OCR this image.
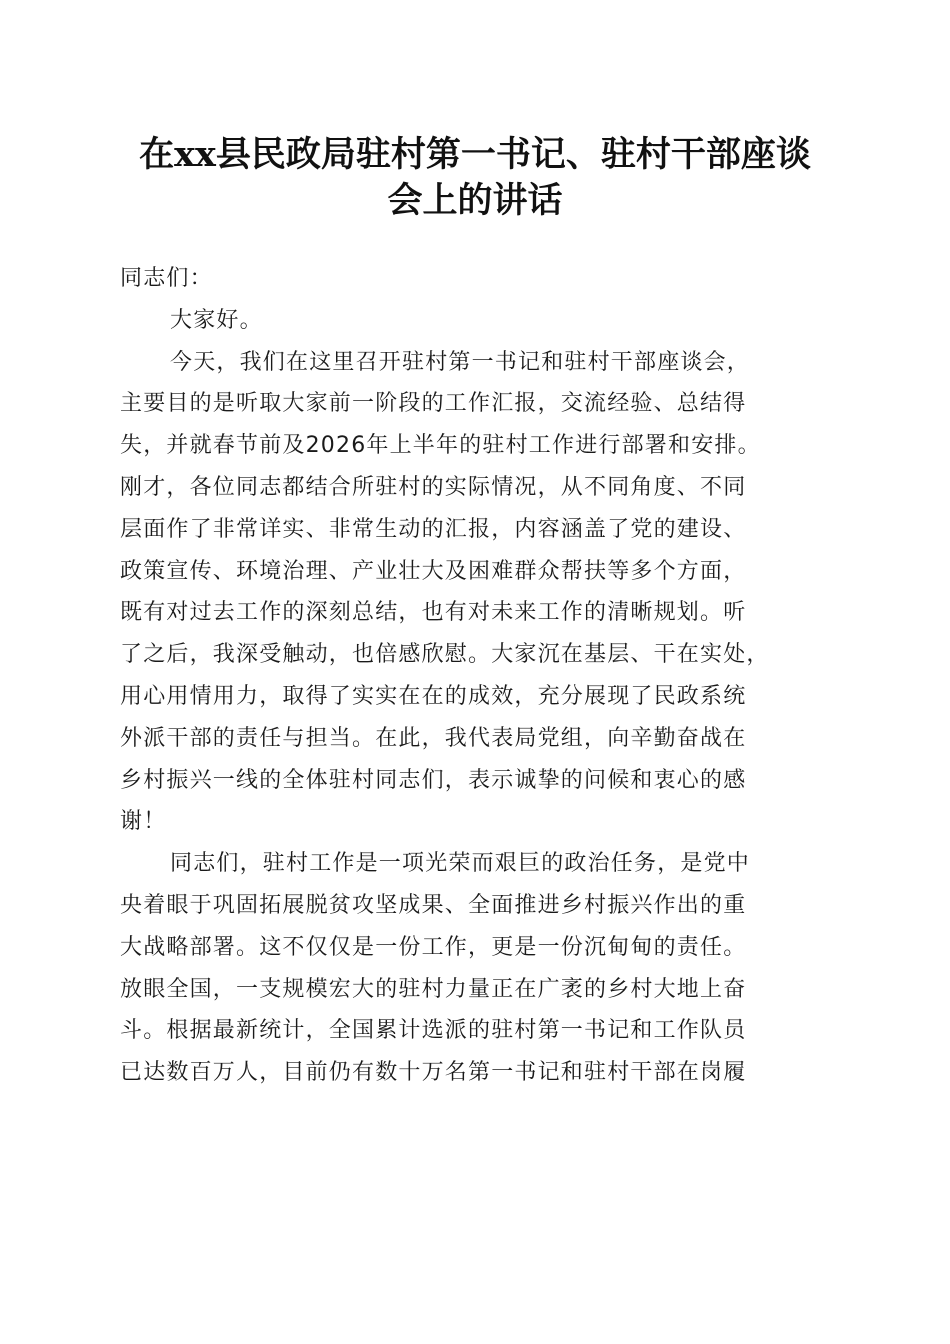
在xx县民政局驻村第一书记、驻村干部座谈
会上的讲话
同志们：
大家好。
今天，我们在这里召开驻村第一书记和驻村干部座谈会，
主要目的是听取大家前一阶段的工作汇报，交流经验、总结得
失，并就春节前及2026年上半年的驻村工作进行部署和安排。
刚才，各位同志都结合所驻村的实际情况，从不同角度、不同
层面作了非常详实、非常生动的汇报，内容涵盖了党的建设、
政策宣传、环境治理、产业壮大及困难群众帮扶等多个方面，
既有对过去工作的深刻总结，也有对未来工作的清晰规划。听
了之后，我深受触动，也倍感欣慰。大家沉在基层、干在实处，
用心用情用力，取得了实实在在的成效，充分展现了民政系统
外派干部的责任与担当。在此，我代表局党组，向辛勤奋战在
乡村振兴一线的全体驻村同志们，表示诚挚的问候和衷心的感
谢！
同志们，驻村工作是一项光荣而艰巨的政治任务，是党中
央着眼于巩固拓展脱贫攻坚成果、全面推进乡村振兴作出的重
大战略部署。这不仅仅是一份工作，更是一份沉甸甸的责任。
放眼全国，一支规模宏大的驻村力量正在广袤的乡村大地上奋
斗。根据最新统计，全国累计选派的驻村第一书记和工作队员
已达数百万人，目前仍有数十万名第一书记和驻村干部在岗履
